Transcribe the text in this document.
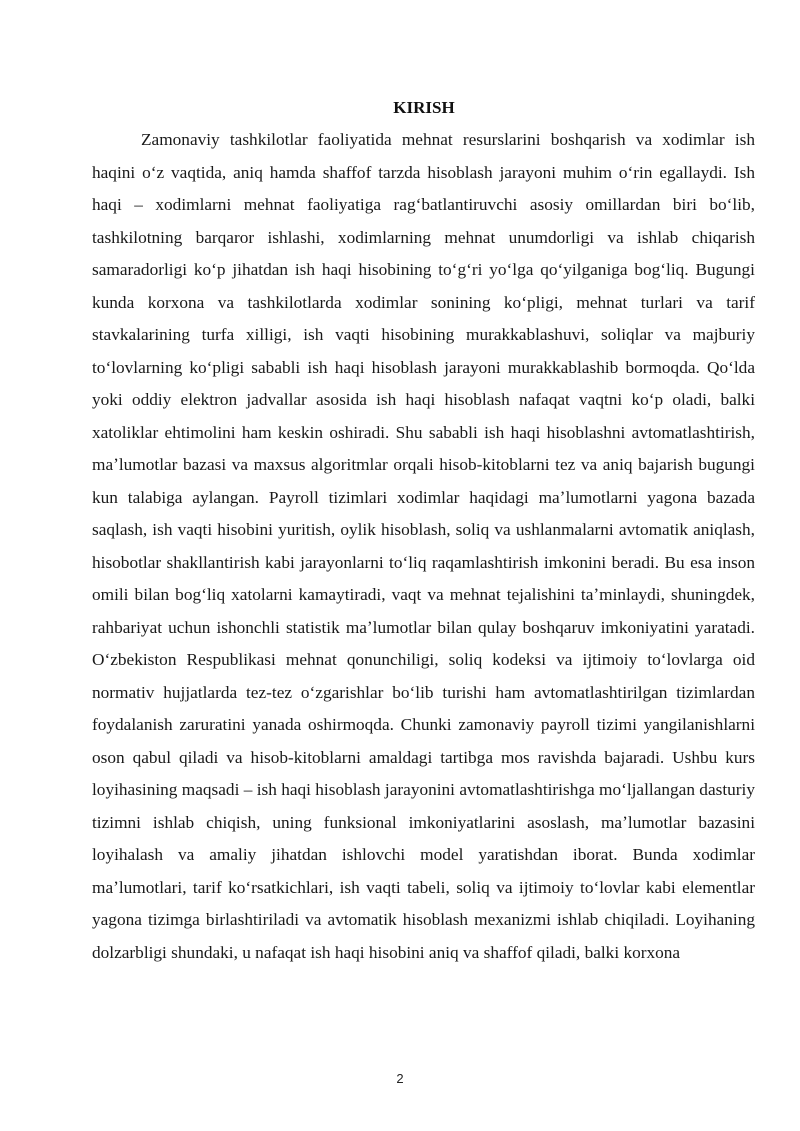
KIRISH

Zamonaviy tashkilotlar faoliyatida mehnat resurslarini boshqarish va xodimlar ish haqini oʻz vaqtida, aniq hamda shaffof tarzda hisoblash jarayoni muhim oʻrin egallaydi. Ish haqi – xodimlarni mehnat faoliyatiga ragʻbatlantiruvchi asosiy omillardan biri boʻlib, tashkilotning barqaror ishlashi, xodimlarning mehnat unumdorligi va ishlab chiqarish samaradorligi koʻp jihatdan ish haqi hisobining toʻgʻri yoʻlga qoʻyilganiga bogʻliq. Bugungi kunda korxona va tashkilotlarda xodimlar sonining koʻpligi, mehnat turlari va tarif stavkalarining turfa xilligi, ish vaqti hisobining murakkablashuvi, soliqlar va majburiy toʻlovlarning koʻpligi sababli ish haqi hisoblash jarayoni murakkablashib bormoqda. Qoʻlda yoki oddiy elektron jadvallar asosida ish haqi hisoblash nafaqat vaqtni koʻp oladi, balki xatoliklar ehtimolini ham keskin oshiradi. Shu sababli ish haqi hisoblashni avtomatlashtirish, maʼlumotlar bazasi va maxsus algoritmlar orqali hisob-kitoblarni tez va aniq bajarish bugungi kun talabiga aylangan. Payroll tizimlari xodimlar haqidagi maʼlumotlarni yagona bazada saqlash, ish vaqti hisobini yuritish, oylik hisoblash, soliq va ushlanmalarni avtomatik aniqlash, hisobotlar shakllantirish kabi jarayonlarni toʻliq raqamlashtirish imkonini beradi. Bu esa inson omili bilan bogʻliq xatolarni kamaytiradi, vaqt va mehnat tejalishini taʼminlaydi, shuningdek, rahbariyat uchun ishonchli statistik maʼlumotlar bilan qulay boshqaruv imkoniyatini yaratadi. Oʻzbekiston Respublikasi mehnat qonunchiligi, soliq kodeksi va ijtimoiy toʻlovlarga oid normativ hujjatlarda tez-tez oʻzgarishlar boʻlib turishi ham avtomatlashtirilgan tizimlardan foydalanish zaruratini yanada oshirmoqda. Chunki zamonaviy payroll tizimi yangilanishlarni oson qabul qiladi va hisob-kitoblarni amaldagi tartibga mos ravishda bajaradi. Ushbu kurs loyihasining maqsadi – ish haqi hisoblash jarayonini avtomatlashtirishga moʻljallangan dasturiy tizimni ishlab chiqish, uning funksional imkoniyatlarini asoslash, maʼlumotlar bazasini loyihalash va amaliy jihatdan ishlovchi model yaratishdan iborat. Bunda xodimlar maʼlumotlari, tarif koʻrsatkichlari, ish vaqti tabeli, soliq va ijtimoiy toʻlovlar kabi elementlar yagona tizimga birlashtiriladi va avtomatik hisoblash mexanizmi ishlab chiqiladi. Loyihaning dolzarbligi shundaki, u nafaqat ish haqi hisobini aniq va shaffof qiladi, balki korxona

2
